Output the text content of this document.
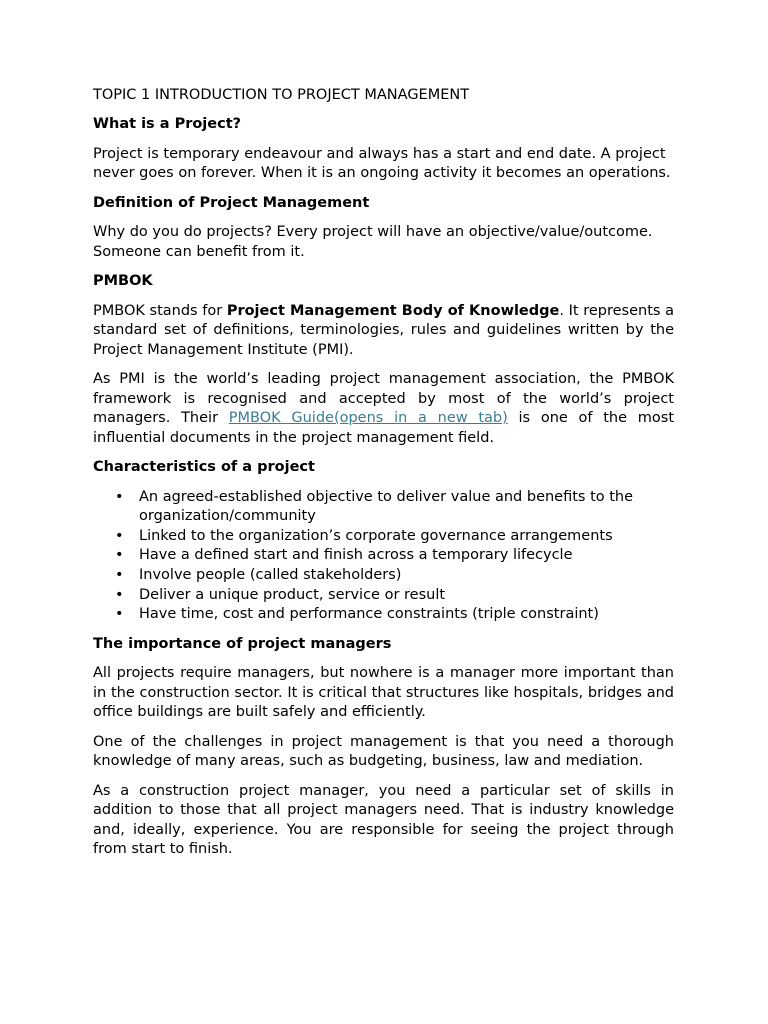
TOPIC 1 INTRODUCTION TO PROJECT MANAGEMENT

What is a Project?

Project is temporary endeavour and always has a start and end date. A project never goes on forever. When it is an ongoing activity it becomes an operations.

Definition of Project Management

Why do you do projects? Every project will have an objective/value/outcome. Someone can benefit from it.

PMBOK

PMBOK stands for Project Management Body of Knowledge. It represents a standard set of definitions, terminologies, rules and guidelines written by the Project Management Institute (PMI).

As PMI is the world’s leading project management association, the PMBOK framework is recognised and accepted by most of the world’s project managers. Their PMBOK Guide(opens in a new tab) is one of the most influential documents in the project management field.

Characteristics of a project

• An agreed-established objective to deliver value and benefits to the organization/community
• Linked to the organization’s corporate governance arrangements
• Have a defined start and finish across a temporary lifecycle
• Involve people (called stakeholders)
• Deliver a unique product, service or result
• Have time, cost and performance constraints (triple constraint)

The importance of project managers

All projects require managers, but nowhere is a manager more important than in the construction sector. It is critical that structures like hospitals, bridges and office buildings are built safely and efficiently.

One of the challenges in project management is that you need a thorough knowledge of many areas, such as budgeting, business, law and mediation.

As a construction project manager, you need a particular set of skills in addition to those that all project managers need. That is industry knowledge and, ideally, experience. You are responsible for seeing the project through from start to finish.
